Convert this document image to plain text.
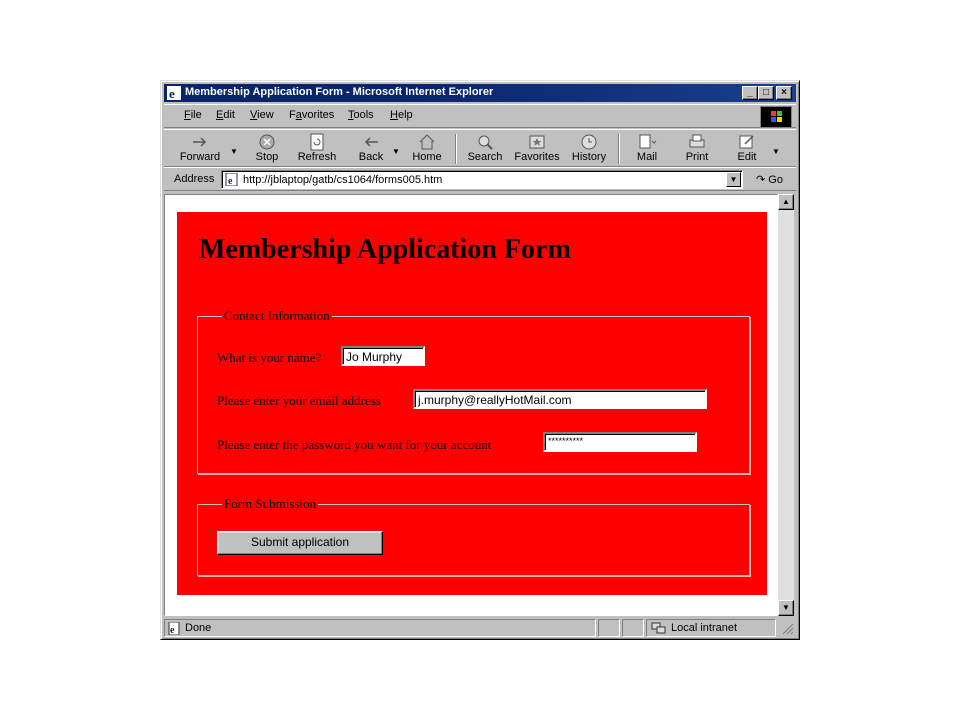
e Membership Application Form - Microsoft Internet Explorer	_	□	×
File Edit View Favorites Tools Help
Forward	▼	Stop	Refresh	Back	▼	Home	Search	Favorites	History	Mail	Print	Edit	▼
Address e http://jblaptop/gatb/cs1064/forms005.htm	▼	↷ Go
Membership Application Form
Contact Information
What is your name?	Jo Murphy
Please enter your email address	j.murphy@reallyHotMail.com
Please enter the password you want for your account	**********
Form Submission
Submit application
▲
▼
e Done	Local intranet
